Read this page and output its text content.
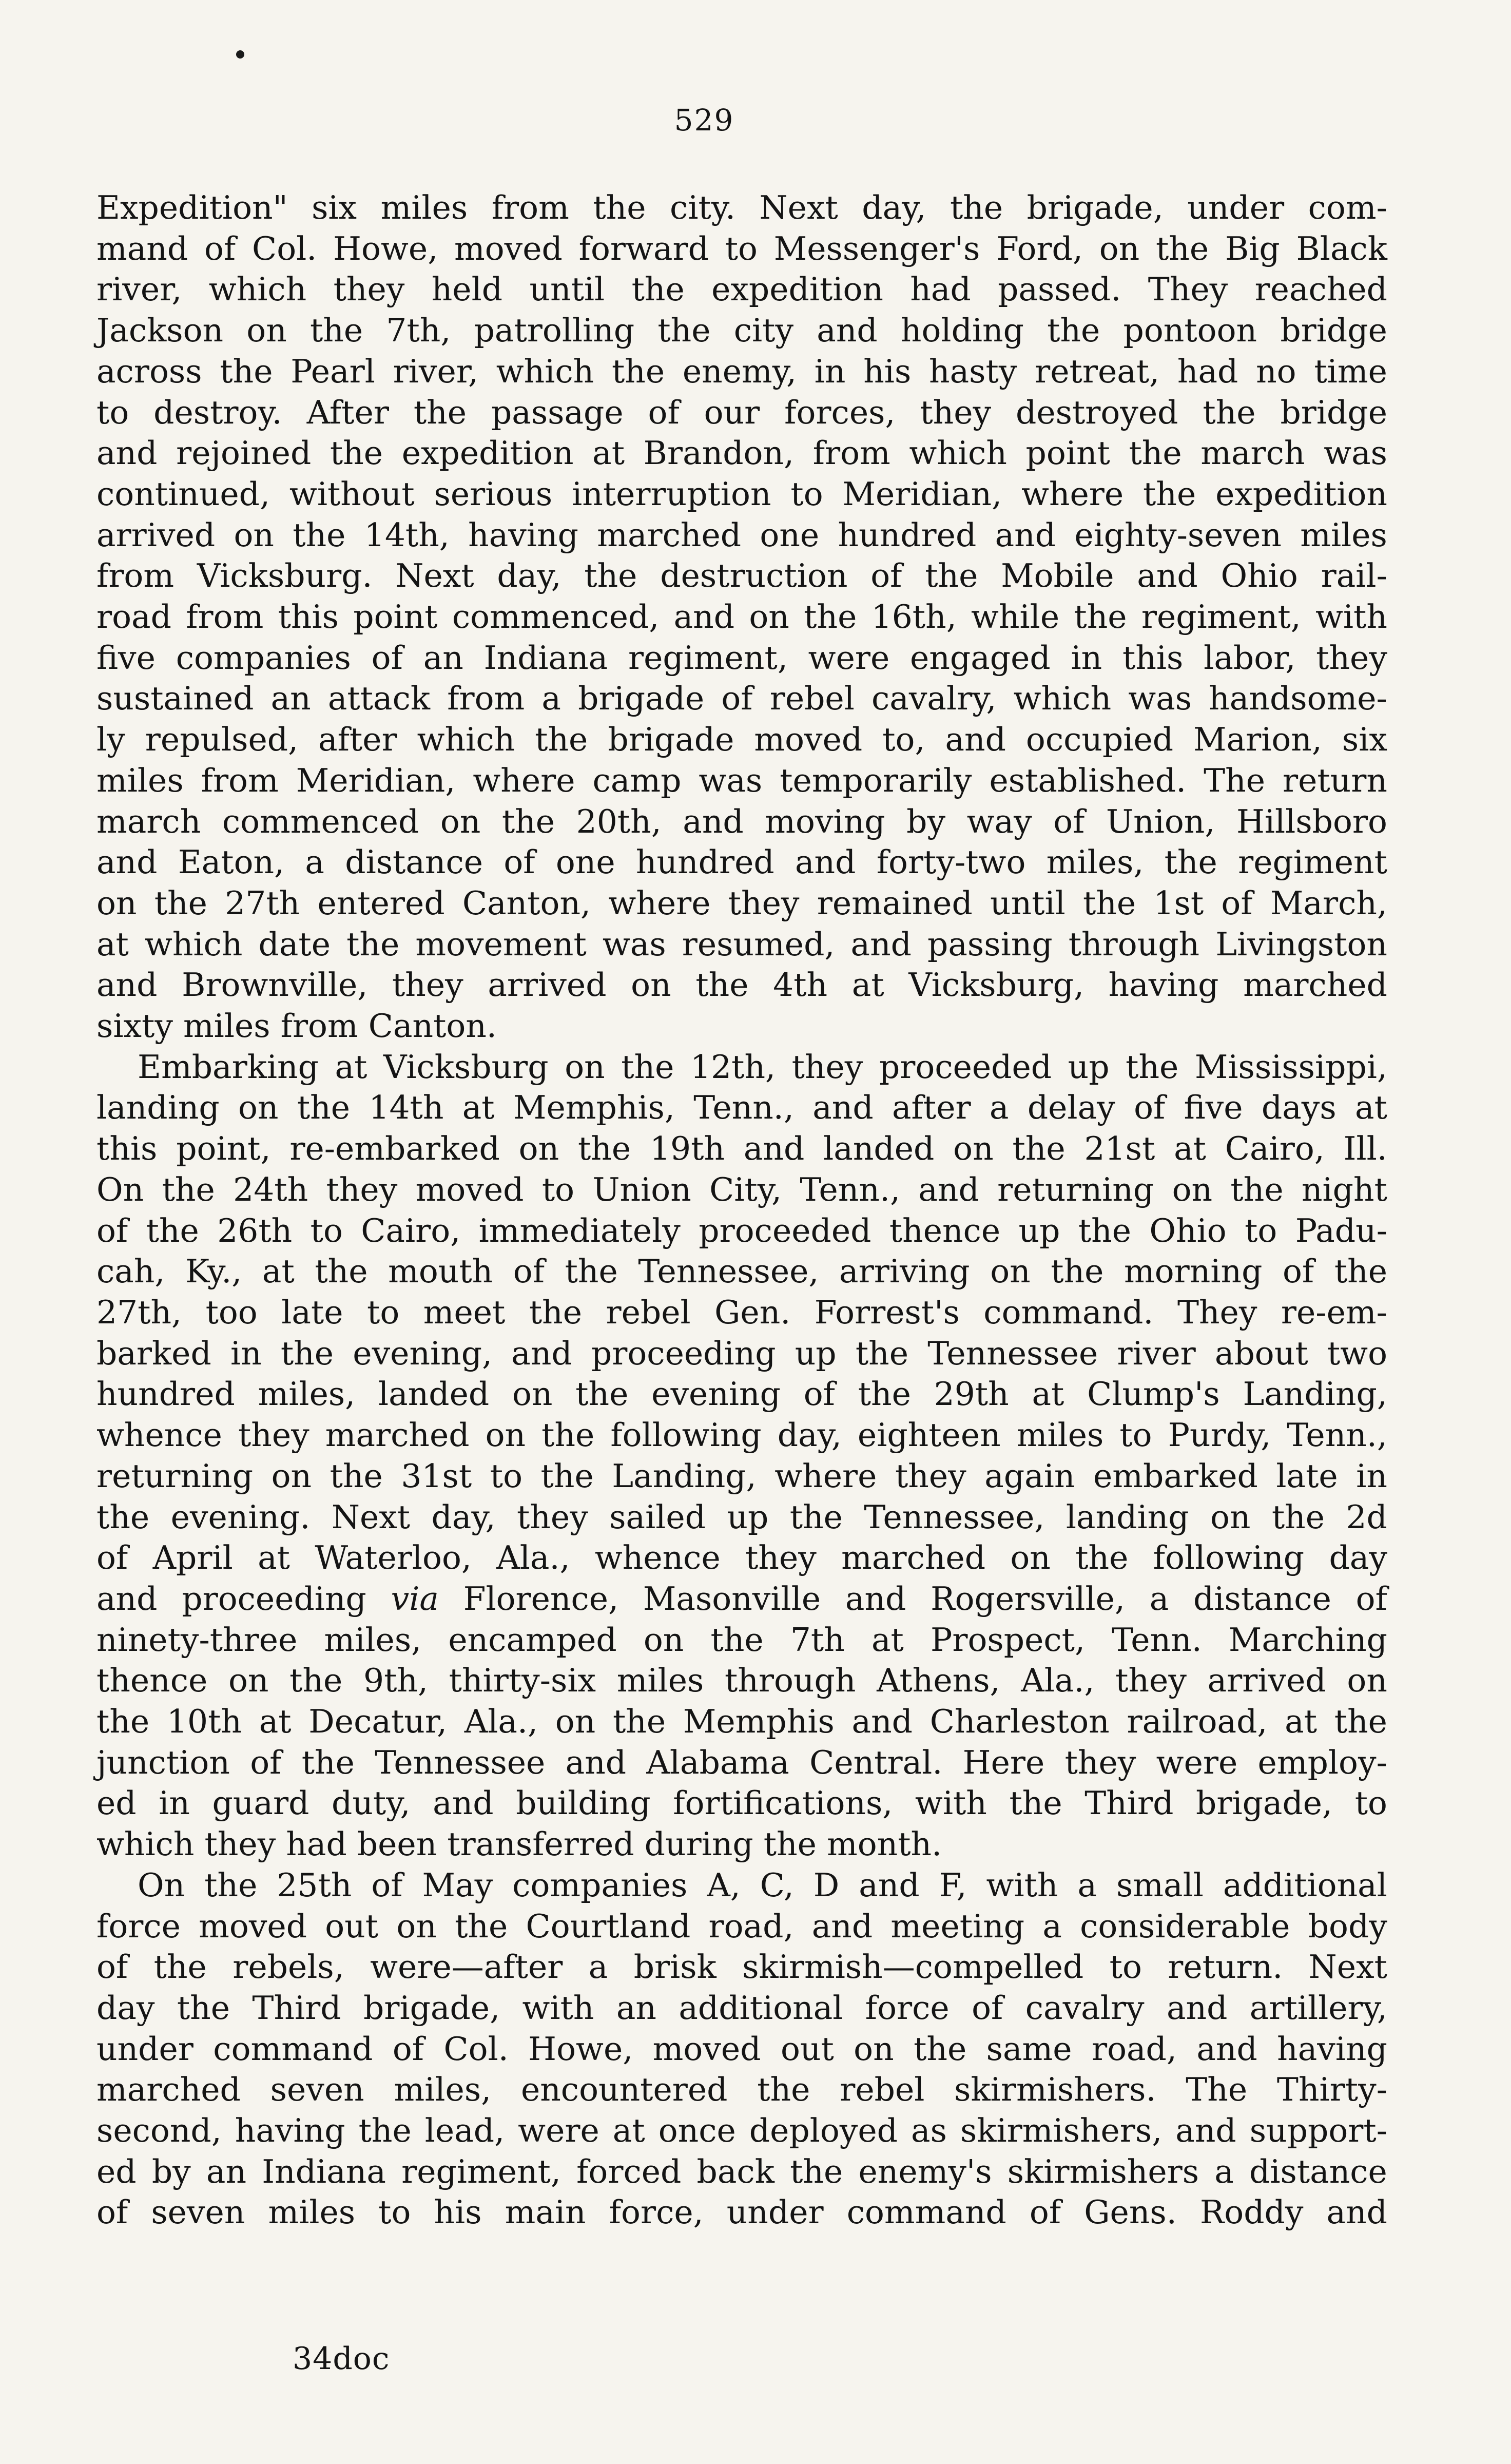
529
Expedition" six miles from the city. Next day, the brigade, under com-
mand of Col. Howe, moved forward to Messenger's Ford, on the Big Black
river, which they held until the expedition had passed. They reached
Jackson on the 7th, patrolling the city and holding the pontoon bridge
across the Pearl river, which the enemy, in his hasty retreat, had no time
to destroy. After the passage of our forces, they destroyed the bridge
and rejoined the expedition at Brandon, from which point the march was
continued, without serious interruption to Meridian, where the expedition
arrived on the 14th, having marched one hundred and eighty-seven miles
from Vicksburg. Next day, the destruction of the Mobile and Ohio rail-
road from this point commenced, and on the 16th, while the regiment, with
five companies of an Indiana regiment, were engaged in this labor, they
sustained an attack from a brigade of rebel cavalry, which was handsome-
ly repulsed, after which the brigade moved to, and occupied Marion, six
miles from Meridian, where camp was temporarily established. The return
march commenced on the 20th, and moving by way of Union, Hillsboro
and Eaton, a distance of one hundred and forty-two miles, the regiment
on the 27th entered Canton, where they remained until the 1st of March,
at which date the movement was resumed, and passing through Livingston
and Brownville, they arrived on the 4th at Vicksburg, having marched
sixty miles from Canton.
Embarking at Vicksburg on the 12th, they proceeded up the Mississippi,
landing on the 14th at Memphis, Tenn., and after a delay of five days at
this point, re-embarked on the 19th and landed on the 21st at Cairo, Ill.
On the 24th they moved to Union City, Tenn., and returning on the night
of the 26th to Cairo, immediately proceeded thence up the Ohio to Padu-
cah, Ky., at the mouth of the Tennessee, arriving on the morning of the
27th, too late to meet the rebel Gen. Forrest's command. They re-em-
barked in the evening, and proceeding up the Tennessee river about two
hundred miles, landed on the evening of the 29th at Clump's Landing,
whence they marched on the following day, eighteen miles to Purdy, Tenn.,
returning on the 31st to the Landing, where they again embarked late in
the evening. Next day, they sailed up the Tennessee, landing on the 2d
of April at Waterloo, Ala., whence they marched on the following day
and proceeding via Florence, Masonville and Rogersville, a distance of
ninety-three miles, encamped on the 7th at Prospect, Tenn. Marching
thence on the 9th, thirty-six miles through Athens, Ala., they arrived on
the 10th at Decatur, Ala., on the Memphis and Charleston railroad, at the
junction of the Tennessee and Alabama Central. Here they were employ-
ed in guard duty, and building fortifications, with the Third brigade, to
which they had been transferred during the month.
On the 25th of May companies A, C, D and F, with a small additional
force moved out on the Courtland road, and meeting a considerable body
of the rebels, were—after a brisk skirmish—compelled to return. Next
day the Third brigade, with an additional force of cavalry and artillery,
under command of Col. Howe, moved out on the same road, and having
marched seven miles, encountered the rebel skirmishers. The Thirty-
second, having the lead, were at once deployed as skirmishers, and support-
ed by an Indiana regiment, forced back the enemy's skirmishers a distance
of seven miles to his main force, under command of Gens. Roddy and
34doc
